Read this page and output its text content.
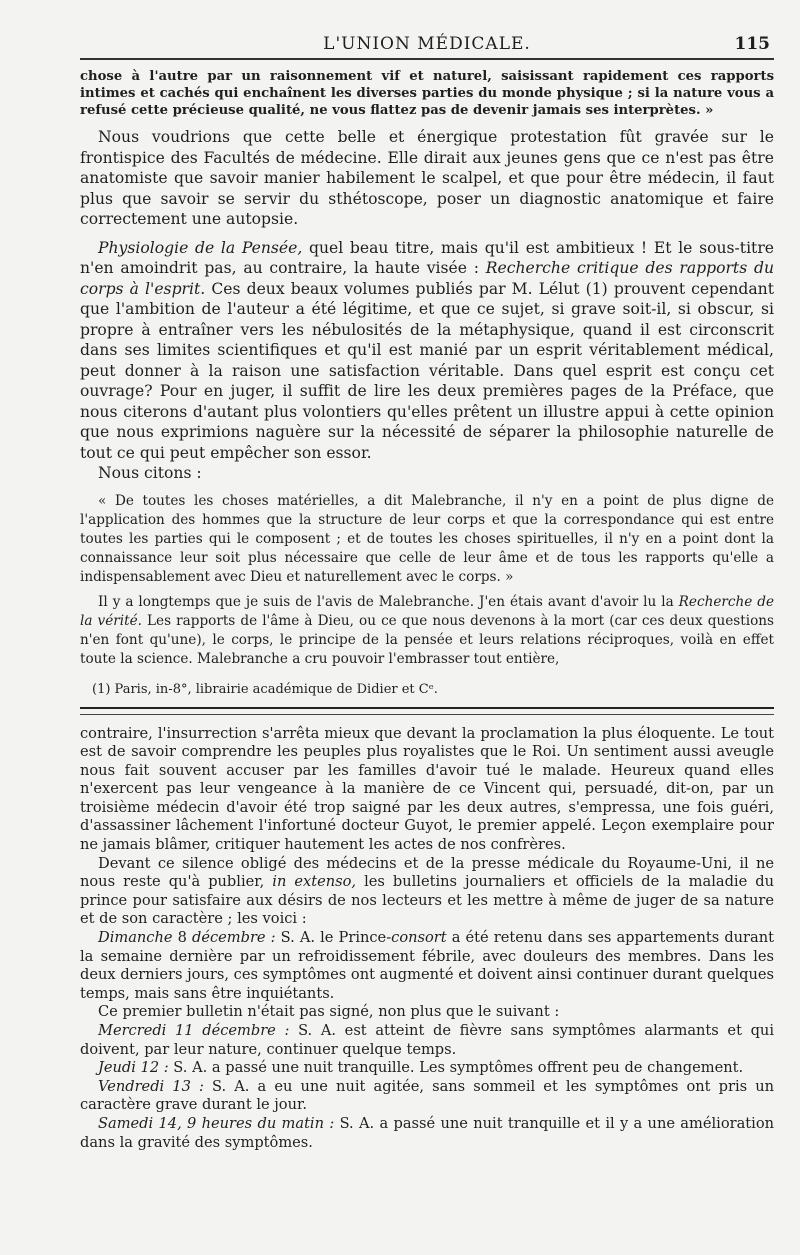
L'UNION MÉDICALE.	115

chose à l'autre par un raisonnement vif et naturel, saisissant rapidement ces rapports intimes et cachés qui enchaînent les diverses parties du monde physique ; si la nature vous a refusé cette précieuse qualité, ne vous flattez pas de devenir jamais ses interprètes. »

Nous voudrions que cette belle et énergique protestation fût gravée sur le frontispice des Facultés de médecine. Elle dirait aux jeunes gens que ce n'est pas être anatomiste que savoir manier habilement le scalpel, et que pour être médecin, il faut plus que savoir se servir du sthétoscope, poser un diagnostic anatomique et faire correctement une autopsie.

Physiologie de la Pensée, quel beau titre, mais qu'il est ambitieux ! Et le sous-titre n'en amoindrit pas, au contraire, la haute visée : Recherche critique des rapports du corps à l'esprit. Ces deux beaux volumes publiés par M. Lélut (1) prouvent cependant que l'ambition de l'auteur a été légitime, et que ce sujet, si grave soit-il, si obscur, si propre à entraîner vers les nébulosités de la métaphysique, quand il est circonscrit dans ses limites scientifiques et qu'il est manié par un esprit véritablement médical, peut donner à la raison une satisfaction véritable. Dans quel esprit est conçu cet ouvrage? Pour en juger, il suffit de lire les deux premières pages de la Préface, que nous citerons d'autant plus volontiers qu'elles prêtent un illustre appui à cette opinion que nous exprimions naguère sur la nécessité de séparer la philosophie naturelle de tout ce qui peut empêcher son essor.

Nous citons :

« De toutes les choses matérielles, a dit Malebranche, il n'y en a point de plus digne de l'application des hommes que la structure de leur corps et que la correspondance qui est entre toutes les parties qui le composent ; et de toutes les choses spirituelles, il n'y en a point dont la connaissance leur soit plus nécessaire que celle de leur âme et de tous les rapports qu'elle a indispensablement avec Dieu et naturellement avec le corps. »

Il y a longtemps que je suis de l'avis de Malebranche. J'en étais avant d'avoir lu la Recherche de la vérité. Les rapports de l'âme à Dieu, ou ce que nous devenons à la mort (car ces deux questions n'en font qu'une), le corps, le principe de la pensée et leurs relations réciproques, voilà en effet toute la science. Malebranche a cru pouvoir l'embrasser tout entière,

(1) Paris, in-8°, librairie académique de Didier et Cᵉ.

contraire, l'insurrection s'arrêta mieux que devant la proclamation la plus éloquente. Le tout est de savoir comprendre les peuples plus royalistes que le Roi. Un sentiment aussi aveugle nous fait souvent accuser par les familles d'avoir tué le malade. Heureux quand elles n'exercent pas leur vengeance à la manière de ce Vincent qui, persuadé, dit-on, par un troisième médecin d'avoir été trop saigné par les deux autres, s'empressa, une fois guéri, d'assassiner lâchement l'infortuné docteur Guyot, le premier appelé. Leçon exemplaire pour ne jamais blâmer, critiquer hautement les actes de nos confrères.

Devant ce silence obligé des médecins et de la presse médicale du Royaume-Uni, il ne nous reste qu'à publier, in extenso, les bulletins journaliers et officiels de la maladie du prince pour satisfaire aux désirs de nos lecteurs et les mettre à même de juger de sa nature et de son caractère ; les voici :

Dimanche 8 décembre : S. A. le Prince-consort a été retenu dans ses appartements durant la semaine dernière par un refroidissement fébrile, avec douleurs des membres. Dans les deux derniers jours, ces symptômes ont augmenté et doivent ainsi continuer durant quelques temps, mais sans être inquiétants.

Ce premier bulletin n'était pas signé, non plus que le suivant :

Mercredi 11 décembre : S. A. est atteint de fièvre sans symptômes alarmants et qui doivent, par leur nature, continuer quelque temps.

Jeudi 12 : S. A. a passé une nuit tranquille. Les symptômes offrent peu de changement.

Vendredi 13 : S. A. a eu une nuit agitée, sans sommeil et les symptômes ont pris un caractère grave durant le jour.

Samedi 14, 9 heures du matin : S. A. a passé une nuit tranquille et il y a une amélioration dans la gravité des symptômes.
